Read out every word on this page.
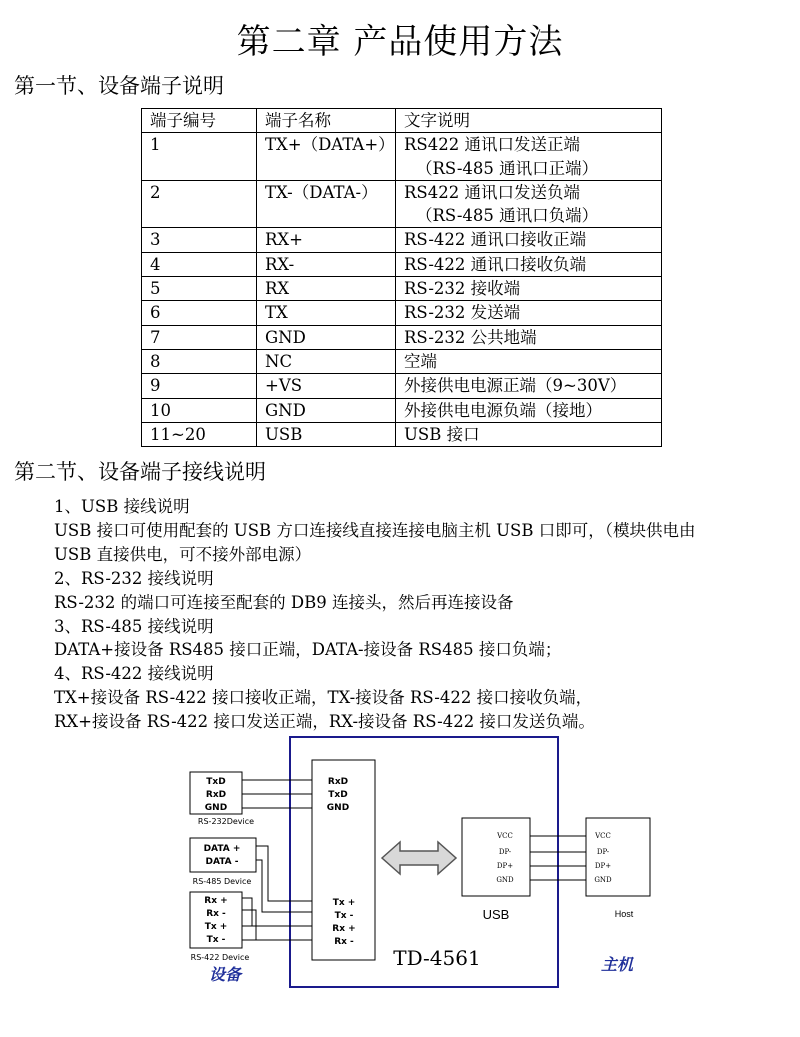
第二章 产品使用方法
第一节、设备端子说明
端子编号	端子名称	文字说明
1	TX+（DATA+）	RS422 通讯口发送正端
（RS-485 通讯口正端）

2	TX-（DATA-）	RS422 通讯口发送负端
（RS-485 通讯口负端）

3	RX+	RS-422 通讯口接收正端

4	RX-	RS-422 通讯口接收负端

5	RX	RS-232 接收端

6	TX	RS-232 发送端

7	GND	RS-232 公共地端

8	NC	空端

9	+VS	外接供电电源正端（9~30V）

10	GND	外接供电电源负端（接地）

11~20	USB	USB 接口
第二节、设备端子接线说明
1、USB 接线说明
USB 接口可使用配套的 USB 方口连接线直接连接电脑主机 USB 口即可，（模块供电由
USB 直接供电，可不接外部电源）
2、RS-232 接线说明
RS-232 的端口可连接至配套的 DB9 连接头，然后再连接设备
3、RS-485 接线说明
DATA+接设备 RS485 接口正端，DATA-接设备 RS485 接口负端；
4、RS-422 接线说明
TX+接设备 RS-422 接口接收正端，TX-接设备 RS-422 接口接收负端，
RX+接设备 RS-422 接口发送正端，RX-接设备 RS-422 接口发送负端。
TxD
RxD
GND
DATA +
DATA -
Rx +
Rx -
Tx +
Tx -
RxD
TxD
GND
Tx +
Tx -
Rx +
Rx -
RS-232Device
RS-485 Device
RS-422 Device
VCC
DP-
DP+
GND
VCC
DP-
DP+
GND
USB	Host
TD-4561
设备
主机
